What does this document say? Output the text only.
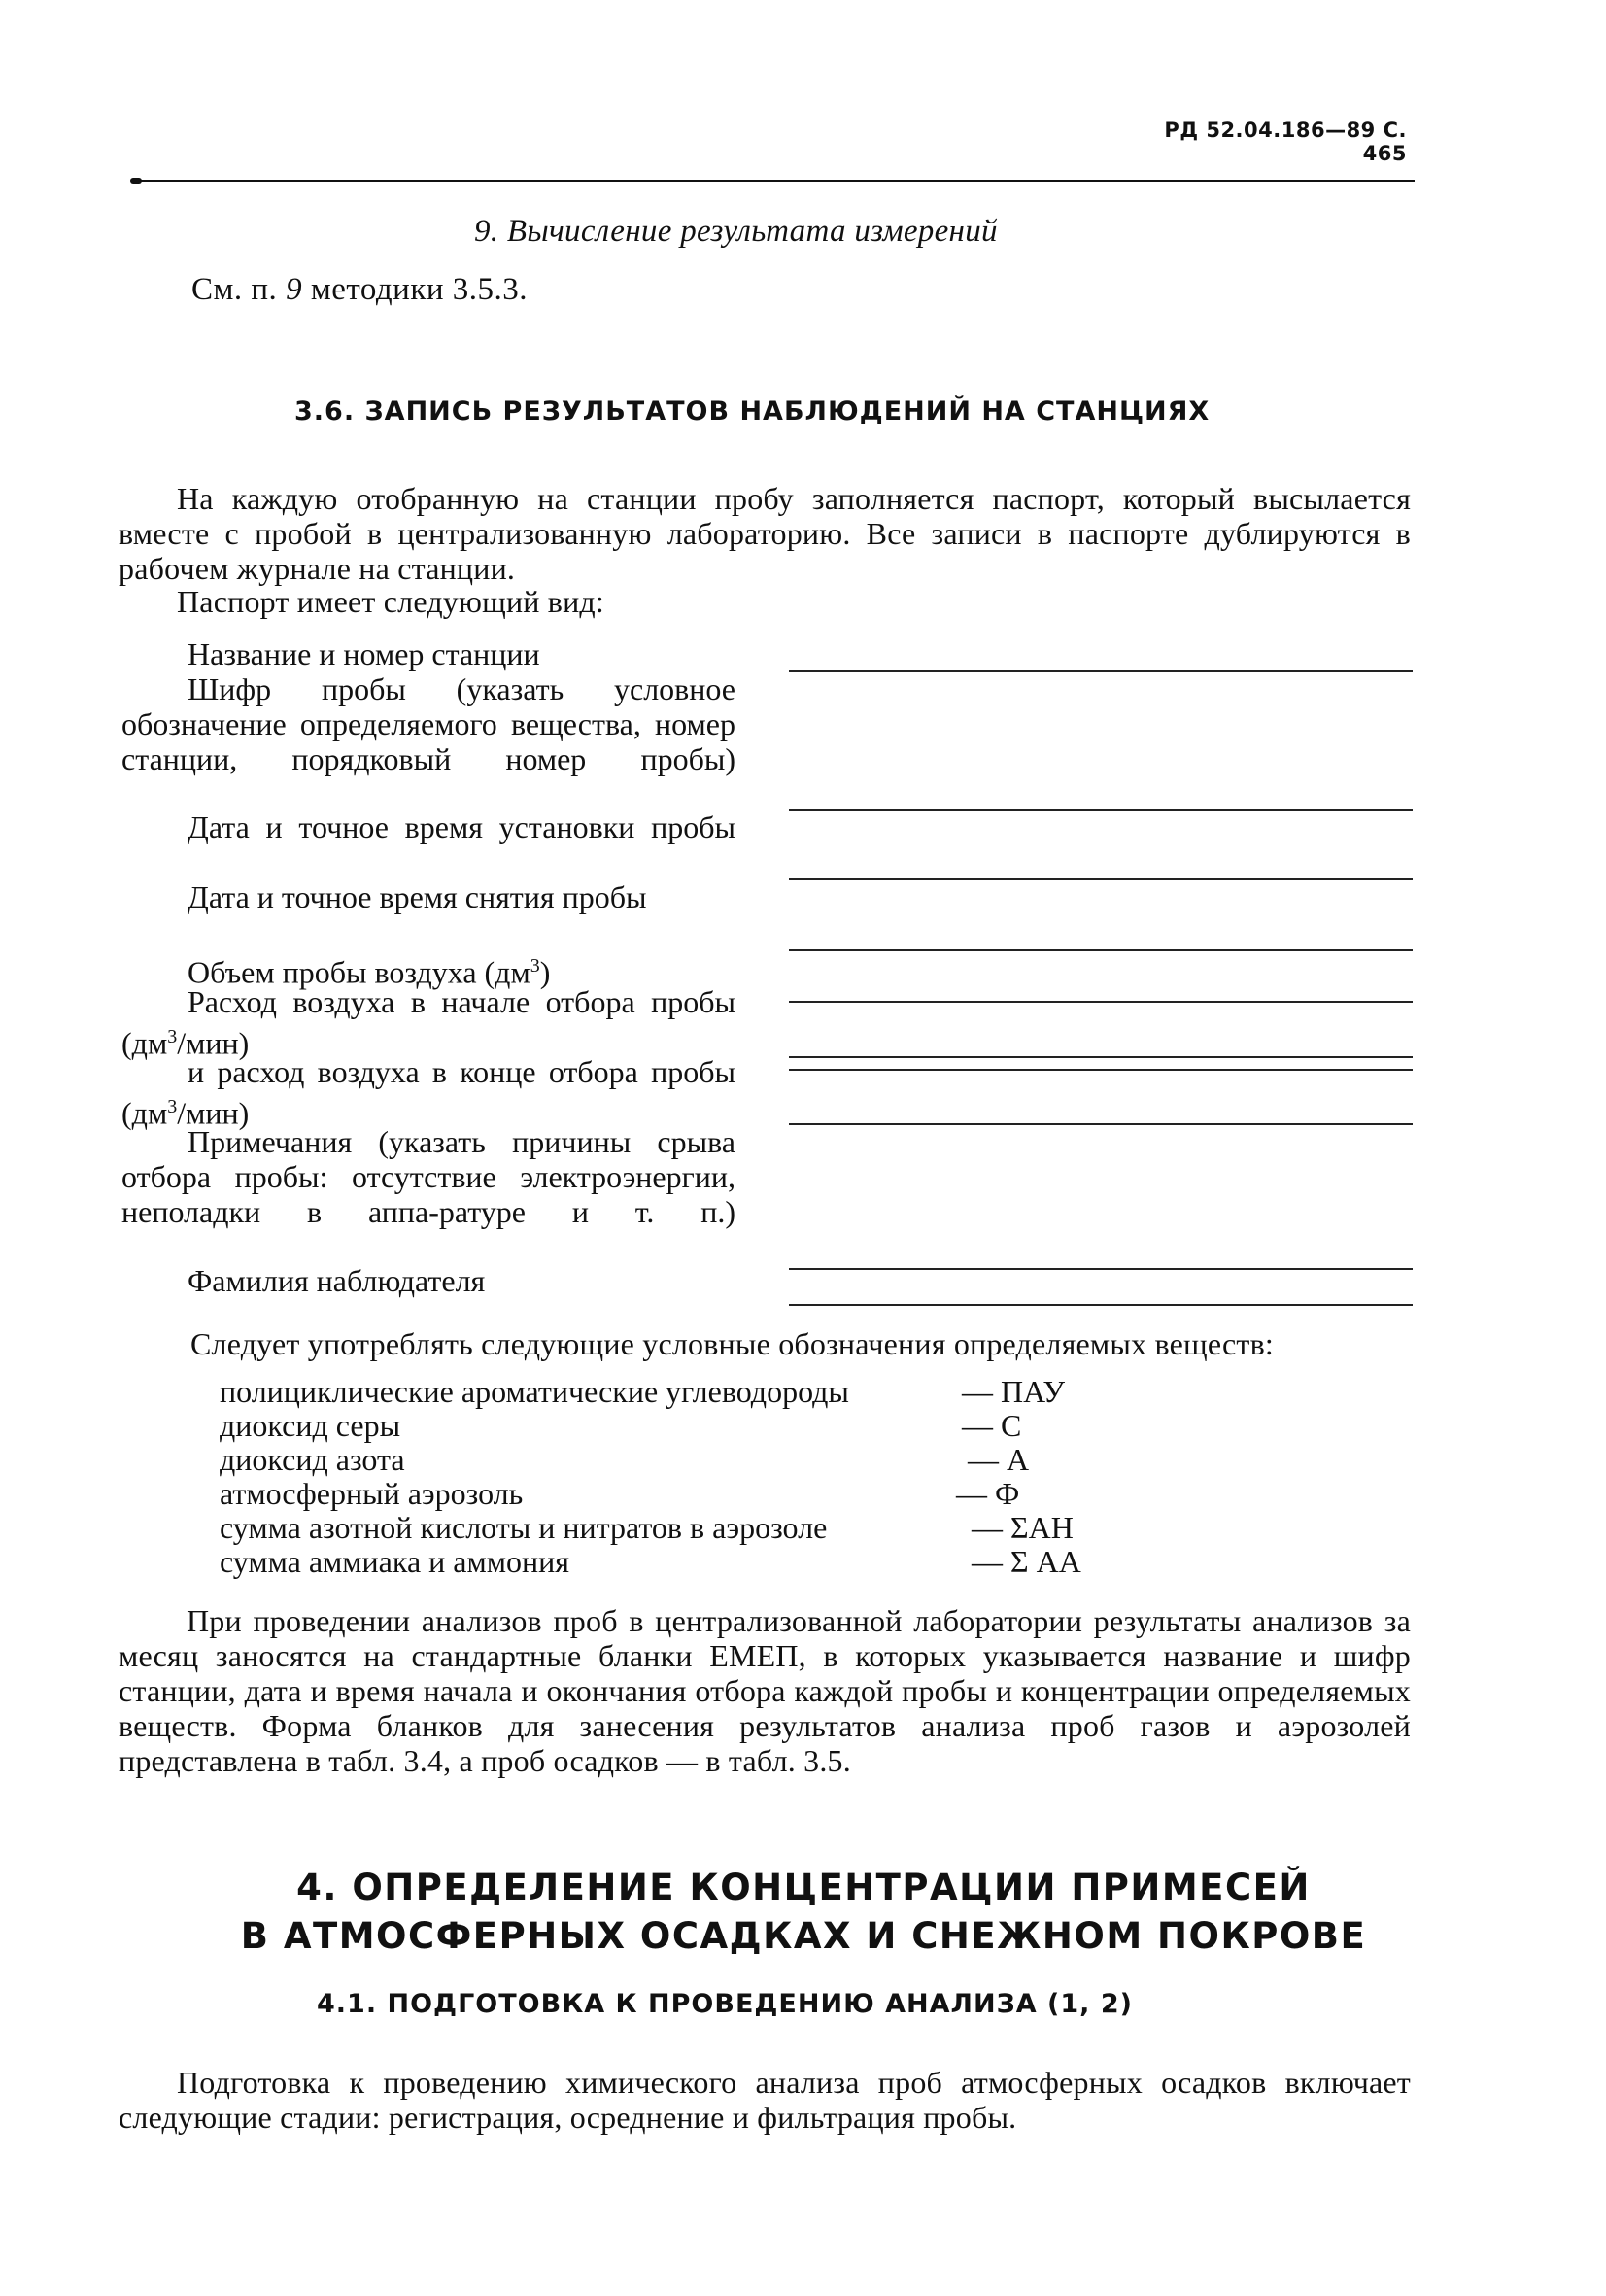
РД 52.04.186—89 С. 465
9. Вычисление результата измерений
См. п. 9 методики 3.5.3.
3.6. ЗАПИСЬ РЕЗУЛЬТАТОВ НАБЛЮДЕНИЙ НА СТАНЦИЯХ
На каждую отобранную на станции пробу заполняется паспорт, который высылается вместе с пробой в централизованную лабораторию. Все записи в паспорте дублируются в рабочем журнале на станции.
Паспорт имеет следующий вид:
Название и номер станции
Шифр пробы (указать условное обозначение определяемого вещества, номер станции, порядковый номер пробы)
Дата и точное время установки пробы
Дата и точное время снятия пробы
Объем пробы воздуха $(дм^3)$
Расход воздуха в начале отбора пробы $(дм^3/мин)$
и расход воздуха в конце отбора пробы $(дм^3/мин)$
Примечания (указать причины срыва отбора пробы: отсутствие электроэнергии, неполадки в аппа-ратуре и т. п.)
Фамилия наблюдателя
Следует употреблять следующие условные обозначения определяемых веществ:
полициклические ароматические углеводороды	— ПАУ
диоксид серы	— С
диоксид азота	— А
атмосферный аэрозоль	— Ф
сумма азотной кислоты и нитратов в аэрозоле	— ΣАН
сумма аммиака и аммония	— Σ АА
При проведении анализов проб в централизованной лаборатории результаты анализов за месяц заносятся на стандартные бланки ЕМЕП, в которых указывается название и шифр станции, дата и время начала и окончания отбора каждой пробы и концентрации определяемых веществ. Форма бланков для занесения результатов анализа проб газов и аэрозолей представлена в табл. 3.4, а проб осадков — в табл. 3.5.
4. ОПРЕДЕЛЕНИЕ КОНЦЕНТРАЦИИ ПРИМЕСЕЙ
В АТМОСФЕРНЫХ ОСАДКАХ И СНЕЖНОМ ПОКРОВЕ
4.1. ПОДГОТОВКА К ПРОВЕДЕНИЮ АНАЛИЗА (1, 2)
Подготовка к проведению химического анализа проб атмосферных осадков включает следующие стадии: регистрация, осреднение и фильтрация пробы.
